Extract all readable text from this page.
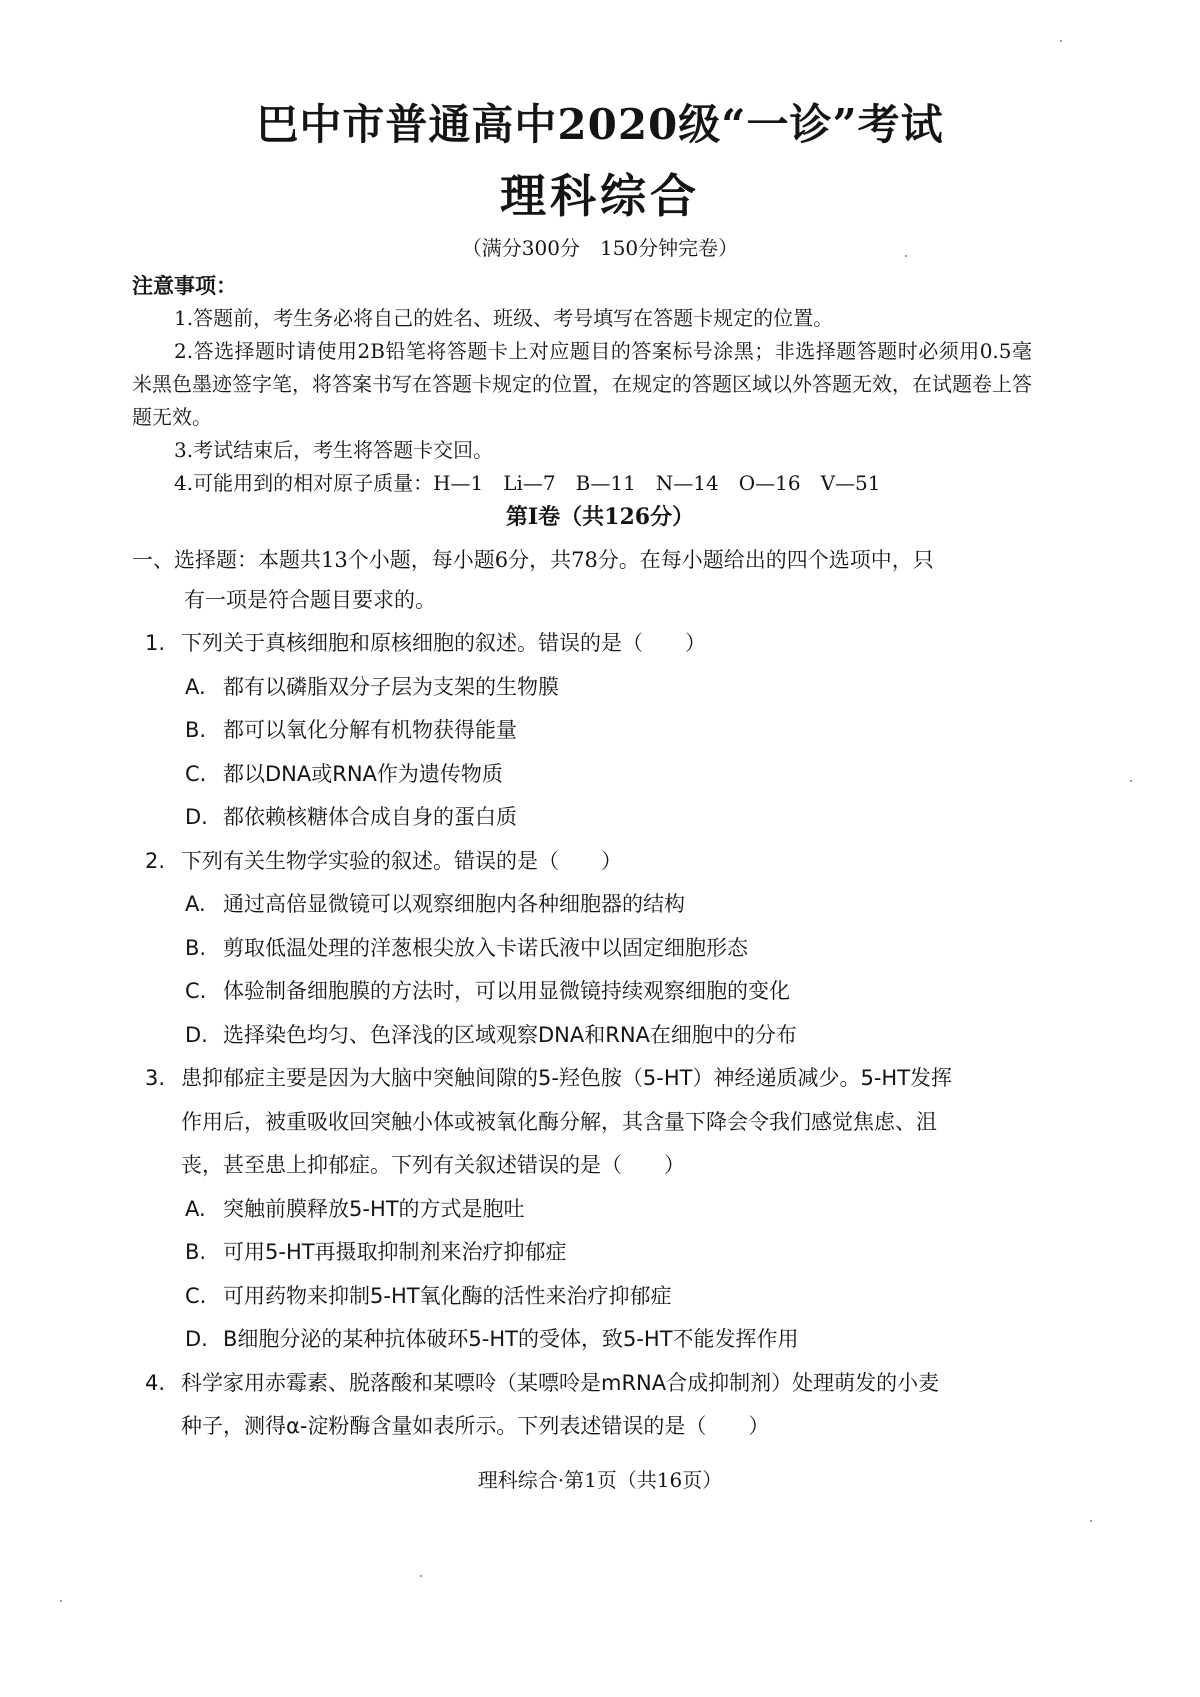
巴中市普通高中2020级“一诊”考试
理科综合
（满分300分　150分钟完卷）
注意事项：
1.答题前，考生务必将自己的姓名、班级、考号填写在答题卡规定的位置。
2.答选择题时请使用2B铅笔将答题卡上对应题目的答案标号涂黑；非选择题答题时必须用0.5毫米黑色墨迹签字笔，将答案书写在答题卡规定的位置，在规定的答题区域以外答题无效，在试题卷上答题无效。
3.考试结束后，考生将答题卡交回。
4.可能用到的相对原子质量：H—1　Li—7　B—11　N—14　O—16　V—51
第Ⅰ卷（共126分）
一、选择题：本题共13个小题，每小题6分，共78分。在每小题给出的四个选项中，只
有一项是符合题目要求的。
1. 下列关于真核细胞和原核细胞的叙述。错误的是（　　）
A. 都有以磷脂双分子层为支架的生物膜
B. 都可以氧化分解有机物获得能量
C. 都以DNA或RNA作为遗传物质
D. 都依赖核糖体合成自身的蛋白质
2. 下列有关生物学实验的叙述。错误的是（　　）
A. 通过高倍显微镜可以观察细胞内各种细胞器的结构
B. 剪取低温处理的洋葱根尖放入卡诺氏液中以固定细胞形态
C. 体验制备细胞膜的方法时，可以用显微镜持续观察细胞的变化
D. 选择染色均匀、色泽浅的区域观察DNA和RNA在细胞中的分布
3. 患抑郁症主要是因为大脑中突触间隙的5-羟色胺（5-HT）神经递质减少。5-HT发挥
作用后，被重吸收回突触小体或被氧化酶分解，其含量下降会令我们感觉焦虑、沮
丧，甚至患上抑郁症。下列有关叙述错误的是（　　）
A. 突触前膜释放5-HT的方式是胞吐
B. 可用5-HT再摄取抑制剂来治疗抑郁症
C. 可用药物来抑制5-HT氧化酶的活性来治疗抑郁症
D. B细胞分泌的某种抗体破环5-HT的受体，致5-HT不能发挥作用
4. 科学家用赤霉素、脱落酸和某嘌呤（某嘌呤是mRNA合成抑制剂）处理萌发的小麦
种子，测得α-淀粉酶含量如表所示。下列表述错误的是（　　）
理科综合·第1页（共16页）
